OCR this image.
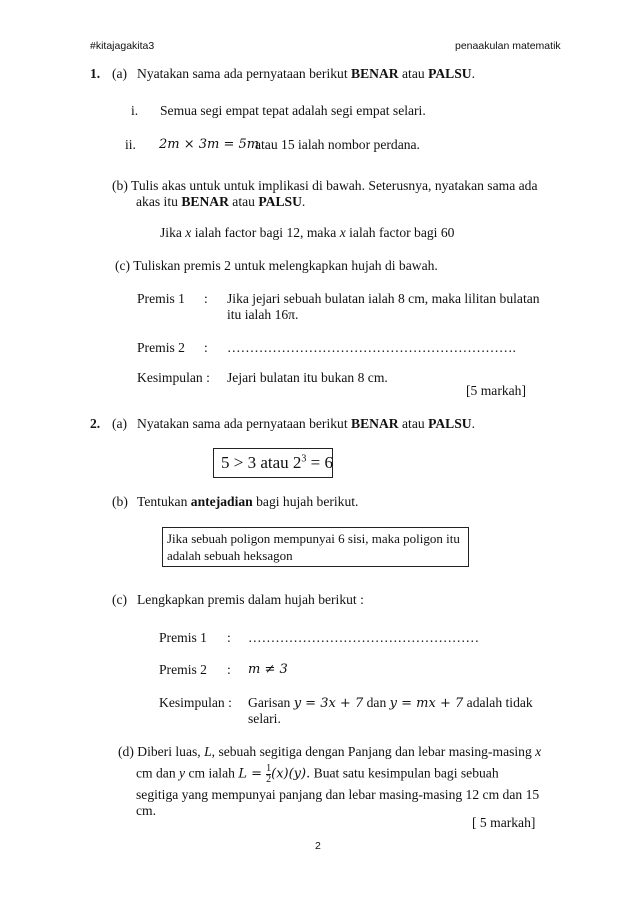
#kitajagakita3	penaakulan matematik
1. (a) Nyatakan sama ada pernyataan berikut BENAR atau PALSU.
i. Semua segi empat tepat adalah segi empat selari.
ii. 2m × 3m = 5m
atau 15 ialah nombor perdana.
(b) Tulis akas untuk untuk implikasi di bawah. Seterusnya, nyatakan sama ada
akas itu BENAR atau PALSU.
Jika x ialah factor bagi 12, maka x ialah factor bagi 60
(c) Tuliskan premis 2 untuk melengkapkan hujah di bawah.
Premis 1 : Jika jejari sebuah bulatan ialah 8 cm, maka lilitan bulatan
itu ialah 16π.
Premis 2 : ……………………………………………………….
Kesimpulan : Jejari bulatan itu bukan 8 cm.
[5 markah]
2. (a) Nyatakan sama ada pernyataan berikut BENAR atau PALSU.
5 > 3 atau $2^3 = 6$
(b) Tentukan antejadian bagi hujah berikut.
Jika sebuah poligon mempunyai 6 sisi, maka poligon itu
adalah sebuah heksagon
(c) Lengkapkan premis dalam hujah berikut :
Premis 1 : ……………………………………………
Premis 2 : m ≠ 3
Kesimpulan : Garisan y = 3x + 7 dan y = mx + 7 adalah tidak
selari.
(d) Diberi luas, L, sebuah segitiga dengan Panjang dan lebar masing-masing x
cm dan y cm ialah $L = \frac{1}{2} (x)(y)$. Buat satu kesimpulan bagi sebuah
segitiga yang mempunyai panjang dan lebar masing-masing 12 cm dan 15
cm.
[ 5 markah]
2
